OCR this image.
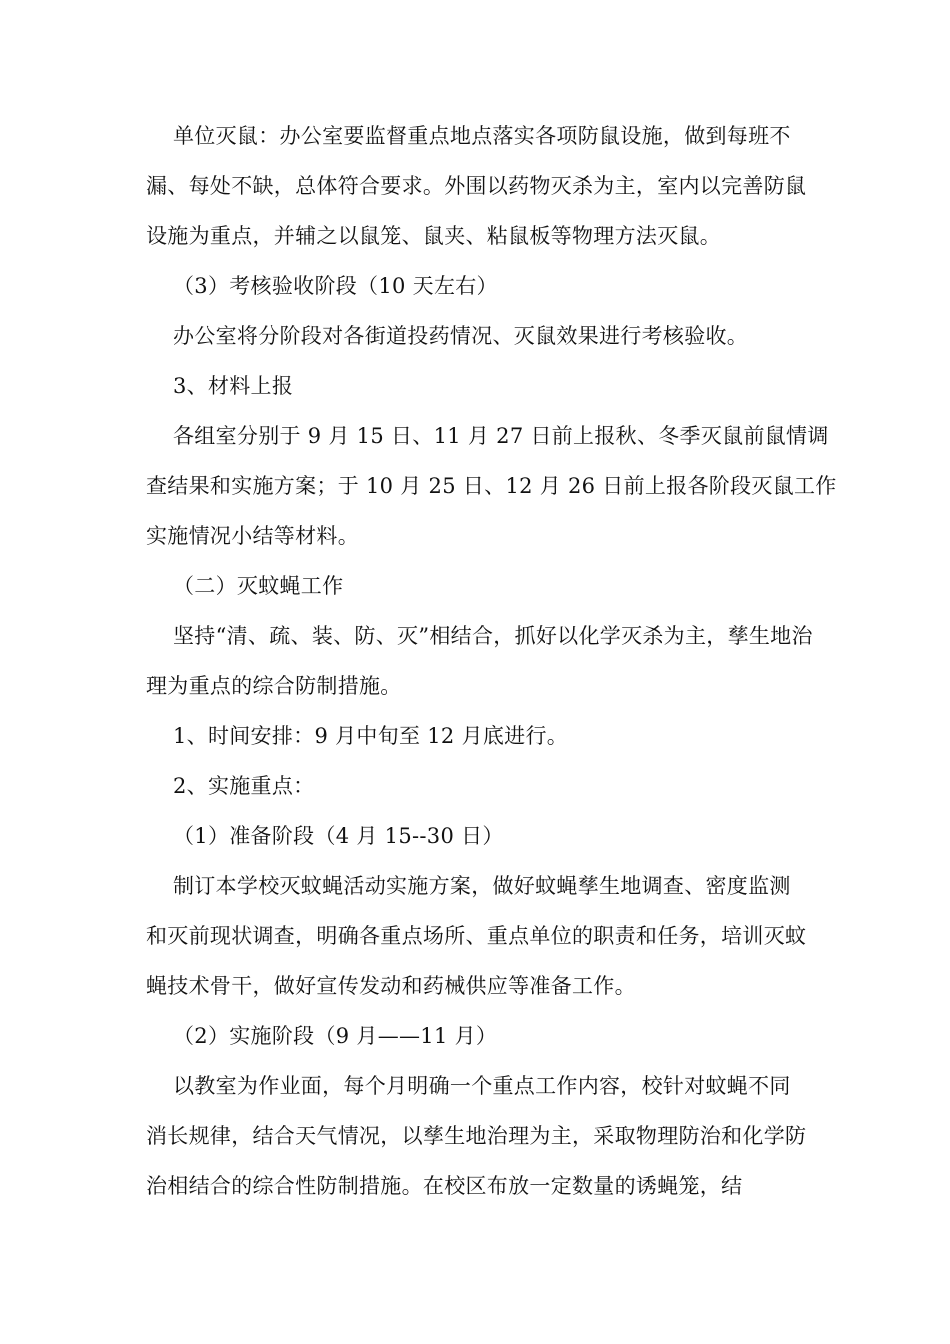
单位灭鼠：办公室要监督重点地点落实各项防鼠设施，做到每班不
漏、每处不缺，总体符合要求。外围以药物灭杀为主，室内以完善防鼠
设施为重点，并辅之以鼠笼、鼠夹、粘鼠板等物理方法灭鼠。
（3）考核验收阶段（10 天左右）
办公室将分阶段对各街道投药情况、灭鼠效果进行考核验收。
3、材料上报
各组室分别于 9 月 15 日、11 月 27 日前上报秋、冬季灭鼠前鼠情调
查结果和实施方案；于 10 月 25 日、12 月 26 日前上报各阶段灭鼠工作
实施情况小结等材料。
（二）灭蚊蝇工作
坚持“清、疏、装、防、灭”相结合，抓好以化学灭杀为主，孳生地治
理为重点的综合防制措施。
1、时间安排：9 月中旬至 12 月底进行。
2、实施重点：
（1）准备阶段（4 月 15--30 日）
制订本学校灭蚊蝇活动实施方案，做好蚊蝇孳生地调查、密度监测
和灭前现状调查，明确各重点场所、重点单位的职责和任务，培训灭蚊
蝇技术骨干，做好宣传发动和药械供应等准备工作。
（2）实施阶段（9 月——11 月）
以教室为作业面，每个月明确一个重点工作内容，校针对蚊蝇不同
消长规律，结合天气情况，以孳生地治理为主，采取物理防治和化学防
治相结合的综合性防制措施。在校区布放一定数量的诱蝇笼，结
